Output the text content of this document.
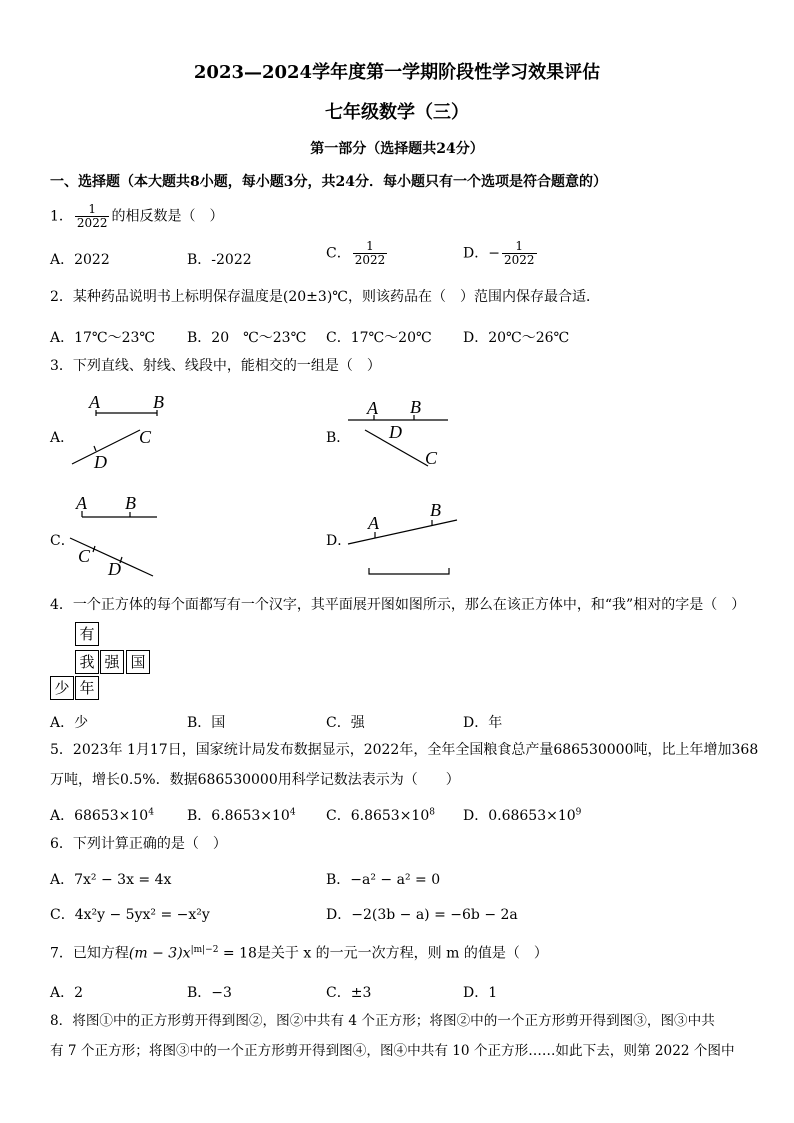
2023—2024学年度第一学期阶段性学习效果评估
七年级数学（三）
第一部分（选择题共24分）
一、选择题（本大题共8小题，每小题3分，共24分．每小题只有一个选项是符合题意的）
1． $\frac{1}{2022}$ 的相反数是（　）
A．2022	B．-2022	C． $\frac{1}{2022}$	D．− $\frac{1}{2022}$
2．某种药品说明书上标明保存温度是(20±3)℃，则该药品在（　）范围内保存最合适．
A．17℃～23℃ B．20　℃～23℃ C．17℃～20℃ D．20℃～26℃
3．下列直线、射线、线段中，能相交的一组是（　）
A．	B．
C．	D．
A	B
C
D
A B
D
C
A B
C
D
A
B
4．一个正方体的每个面都写有一个汉字，其平面展开图如图所示，那么在该正方体中，和“我”相对的字是（　）
有
我 强 国
少 年
A．少	B．国	C．强	D．年
5．2023年 1月17日，国家统计局发布数据显示，2022年，全年全国粮食总产量686530000吨，比上年增加368
万吨，增长0.5%．数据686530000用科学记数法表示为（　　）
A．$68653\times 10^4$ B．$6.8653\times 10^4$ C．$6.8653\times 10^8$ D．$0.68653\times 10^9$
6．下列计算正确的是（　）
A．7x² − 3x = 4x	B．−a² − a² = 0
C．4x²y − 5yx² = −x²y	D．−2(3b − a) = −6b − 2a
7．已知方程$(m - 3)x^{|m|-2} = 18$是关于 x 的一元一次方程，则 m 的值是（　）
A．2	B．−3	C．±3	D．1
8．将图①中的正方形剪开得到图②，图②中共有 4 个正方形；将图②中的一个正方形剪开得到图③，图③中共
有 7 个正方形；将图③中的一个正方形剪开得到图④，图④中共有 10 个正方形……如此下去，则第 2022 个图中
